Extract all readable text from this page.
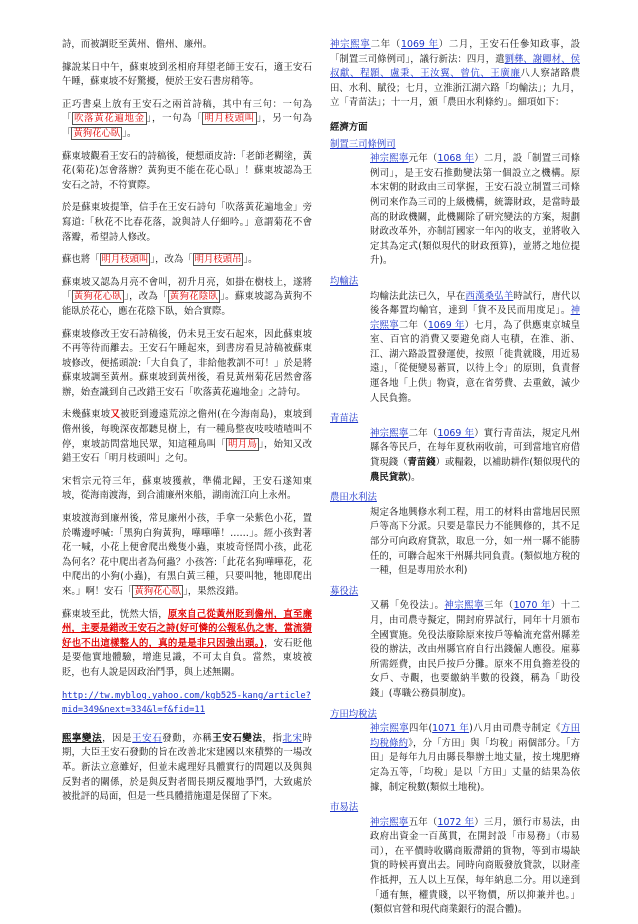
詩，而被調貶至黃州、儋州、廉州。

據說某日中午，蘇東坡到丞相府拜望老師王安石，適王安石午睡，蘇東坡不好驚擾，便於王安石書房稍等。

正巧書桌上放有王安石之兩首詩稿，其中有三句：一句為「 吹落黃花遍地金 」，一句為「 明月枝頭叫 」，另一句為「 黃狗花心臥 」。

蘇東坡觀看王安石的詩稿後，便想頑皮詩:「老師老糊塗，黃花(菊花)怎會落辦？黃狗更不能在花心臥」！蘇東坡認為王安石之詩，不符實際。

於是蘇東坡提筆，信手在王安石詩句「吹落黃花遍地金」旁寫道:「秋花不比春花落，說與詩人仔細吟。」意謂菊花不會落瓣，希望詩人修改。

蘇也將「 明月枝頭叫 」，改為「 明月枝頭吊 」。

蘇東坡又認為月亮不會叫，初升月亮，如掛在樹枝上，遂將「 黃狗花心臥 」，改為「 黃狗花陰臥 」。蘇東坡認為黃狗不能臥於花心，應在花陰下臥，始合實際。

蘇東坡修改王安石詩稿後，仍未見王安石起來，因此蘇東坡不再等待而離去。王安石午睡起來，到書房看見詩稿被蘇東坡修改，便搖頭說:「大自負了，非給他教訓不可！」於是將蘇東坡調至黃州。蘇東坡到黃州後，看見黃州菊花居然會落辦，始查識到自己改錯王安石「吹落黃花遍地金」之詩句。

未幾蘇東坡又被貶到邊遠荒涼之儋州(在今海南島)，東坡到儋州後，每晚深夜都聽見樹上，有一種鳥整夜吱吱喳喳叫不停，東坡訪問當地民眾，知這種鳥叫「 明月鳥 」，始知又改錯王安石「明月枝頭叫」之句。

宋哲宗元符三年，蘇東坡獲赦，準備北歸，王安石遂知東坡，從海南渡海，到合浦廉州來船，湖南流江向上永州。

東坡渡海到廉州後，常見廉州小孩，手拿一朵紫色小花，置於嘴邊呼喊:「黑狗白狗黃狗，嘩嘩嘩！……」。經小孩對著花一喊，小花上便會爬出幾隻小蟲，東坡奇怪問小孩，此花為何名？花中爬出者為何蟲？小孩答:「此花名狗嘩嘩花，花中爬出的小狗(小蟲)，有黑白黃三種，只要叫牠，牠即爬出來。」啊！安石「 黃狗花心臥 」，果然沒錯。

蘇東坡至此，恍然大悟，原來自己從黃州貶到儋州，直至廉州，主要是錯改王安石之詩(好可憐的公報私仇之害，當流猜好也不出這樣整人的，真的是是非只因強出頭。)，安石貶他是要他實地體驗，增進見識，不可太自負。當然，東坡被貶，也有人說是因政治鬥爭，與上述無關。

http://tw.myblog.yahoo.com/kgb525-kang/article?mid=349&next=334&l=f&fid=11

熙寧變法，因是王安石發動，亦稱王安石變法，指北宋時期，大臣王安石發動的旨在改善北宋建國以來積弊的一場改革。新法立意雖好，但並未處理好具體實行的問題以及與與反對者的關係，於是與反對者間長期反覆地爭鬥，大致處於被批評的局面，但是一些具體措施還是保留了下來。

神宗熙寧二年（1069 年）二月，王安石任參知政事，設「制置三司條例司」，議行新法：四月，遣劉彝、謝卿材、侯叔獻、程顥、盧秉、王汝翼、曾伉、王廣廉八人察諸路農田、水利、賦役；七月，立淮浙江湖六路「均輸法」；九月，立「青苗法」；十一月，頒「農田水利條約」。細項如下：

經濟方面
制置三司條例司
神宗熙寧元年（1068 年）二月，設「制置三司條例司」，是王安石推動變法第一個設立之機構。原本宋朝的財政由三司掌握，王安石設立制置三司條例司來作為三司的上級機構，統籌財政，是當時最高的財政機關，此機關除了研究變法的方案，規劃財政改革外，亦制訂國家一年內的收支，並將收入定其為定式(類似現代的財政預算)，並將之地位提升)。
均輸法
均輸法此法已久，早在西漢桑弘羊時試行，唐代以後各鄰置均輸官，達到「貨不及民而用度足」。神宗熙寧二年（1069 年）七月，為了供應東京城皇室、百官的消費又要避免商人屯積，在淮、浙、江、湖六路設置發運使，按照「徙貴就賤，用近易遠」，「從便變易蓄買，以待上令」的原則，負責督運各地「上供」物資，意在省勞費、去重斂，減少人民負擔。
青苗法
神宗熙寧二年（1069 年）實行青苗法，規定凡州縣各等民戶，在每年夏秋兩收前，可到當地官府借貸現錢（青苗錢）或糧穀，以補助耕作(類似現代的農民貸款)。
農田水利法
規定各地興修水利工程，用工的材料由當地居民照戶等高下分派。只要是靠民力不能興修的，其不足部分可向政府貸款，取息一分，如一州一縣不能勝任的，可聯合起來干州縣共同負責。(類似地方稅的一種，但是專用於水利)
募役法
又稱「免役法」。神宗熙寧三年（1070 年）十二月，由司農寺擬定，開封府界試行，同年十月頒布全國實施。免役法廢除原來按戶等輪流充當州縣差役的辦法，改由州縣官府自行出錢僱人應役。雇募所需經費，由民戶按戶分攤。原來不用負擔差役的女戶、寺觀，也要繳納半數的役錢，稱為「助役錢」(專職公務員制度)。
方田均稅法
神宗熙寧四年(1071 年)八月由司農寺制定《方田均稅條約》，分「方田」與「均稅」兩個部分。「方田」是每年九月由縣長舉辦土地丈量，按土塊肥瘠定為五等，「均稅」是以「方田」丈量的結果為依據，制定稅數(類似土地稅)。
市易法
神宗熙寧五年（1072 年）三月，頒行市易法，由政府出資金一百萬貫，在開封設「市易務」（市易司），在平價時收購商販滯銷的貨物，等到市場缺貨的時候再賣出去。同時向商販發放貸款，以財產作抵押，五人以上互保，每年納息二分。用以達到「通有無，權貴賤，以平物價，所以抑兼并也。」(類似官營和現代商業銀行的混合體)。
